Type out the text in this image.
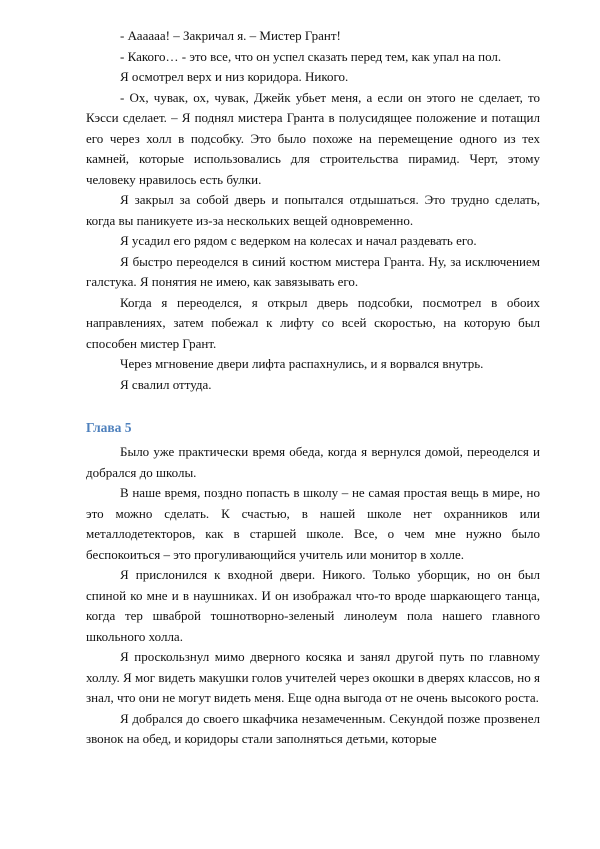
- Аааааа! – Закричал я. – Мистер Грант!

- Какого… - это все, что он успел сказать перед тем, как упал на пол.

Я осмотрел верх и низ коридора. Никого.

- Ох, чувак, ох, чувак, Джейк убьет меня, а если он этого не сделает, то Кэсси сделает. – Я поднял мистера Гранта в полусидящее положение и потащил его через холл в подсобку. Это было похоже на перемещение одного из тех камней, которые использовались для строительства пирамид. Черт, этому человеку нравилось есть булки.

Я закрыл за собой дверь и попытался отдышаться. Это трудно сделать, когда вы паникуете из-за нескольких вещей одновременно.

Я усадил его рядом с ведерком на колесах и начал раздевать его.

Я быстро переоделся в синий костюм мистера Гранта. Ну, за исключением галстука. Я понятия не имею, как завязывать его.

Когда я переоделся, я открыл дверь подсобки, посмотрел в обоих направлениях, затем побежал к лифту со всей скоростью, на которую был способен мистер Грант.

Через мгновение двери лифта распахнулись, и я ворвался внутрь.

Я свалил оттуда.

Глава 5

Было уже практически время обеда, когда я вернулся домой, переоделся и добрался до школы.

В наше время, поздно попасть в школу – не самая простая вещь в мире, но это можно сделать. К счастью, в нашей школе нет охранников или металлодетекторов, как в старшей школе. Все, о чем мне нужно было беспокоиться – это прогуливающийся учитель или монитор в холле.

Я прислонился к входной двери. Никого. Только уборщик, но он был спиной ко мне и в наушниках. И он изображал что-то вроде шаркающего танца, когда тер шваброй тошнотворно-зеленый линолеум пола нашего главного школьного холла.

Я проскользнул мимо дверного косяка и занял другой путь по главному холлу. Я мог видеть макушки голов учителей через окошки в дверях классов, но я знал, что они не могут видеть меня. Еще одна выгода от не очень высокого роста.

Я добрался до своего шкафчика незамеченным. Секундой позже прозвенел звонок на обед, и коридоры стали заполняться детьми, которые
